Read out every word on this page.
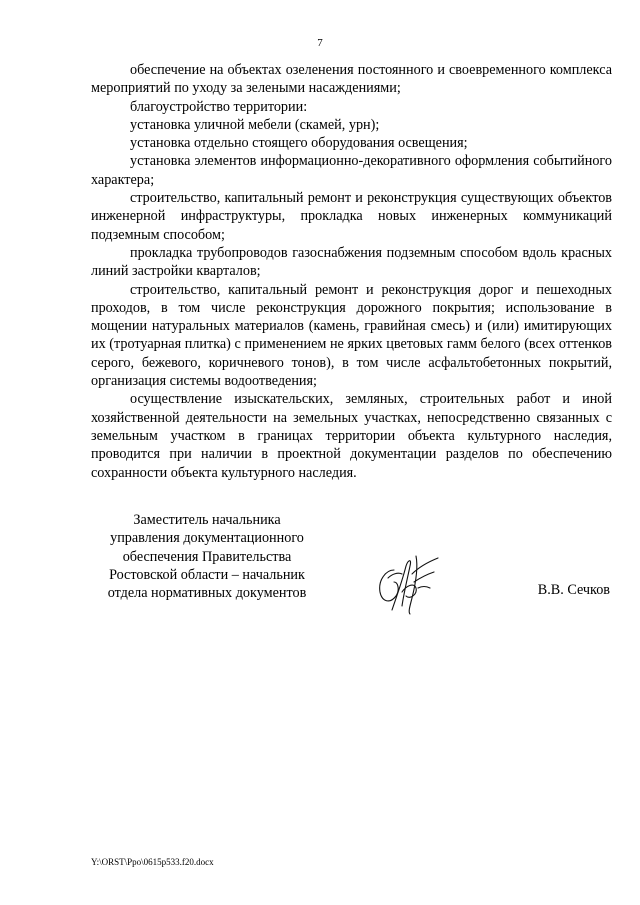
7

обеспечение на объектах озеленения постоянного и своевременного комплекса мероприятий по уходу за зелеными насаждениями;

благоустройство территории:

установка уличной мебели (скамей, урн);

установка отдельно стоящего оборудования освещения;

установка элементов информационно-декоративного оформления событийного характера;

строительство, капитальный ремонт и реконструкция существующих объектов инженерной инфраструктуры, прокладка новых инженерных коммуникаций подземным способом;

прокладка трубопроводов газоснабжения подземным способом вдоль красных линий застройки кварталов;

строительство, капитальный ремонт и реконструкция дорог и пешеходных проходов, в том числе реконструкция дорожного покрытия; использование в мощении натуральных материалов (камень, гравийная смесь) и (или) имитирующих их (тротуарная плитка) с применением не ярких цветовых гамм белого (всех оттенков серого, бежевого, коричневого тонов), в том числе асфальтобетонных покрытий, организация системы водоотведения;

осуществление изыскательских, земляных, строительных работ и иной хозяйственной деятельности на земельных участках, непосредственно связанных с земельным участком в границах территории объекта культурного наследия, проводится при наличии в проектной документации разделов по обеспечению сохранности объекта культурного наследия.

Заместитель начальника
управления документационного
обеспечения Правительства
Ростовской области – начальник
отдела нормативных документов	В.В. Сечков
Y:\ORST\Ppo\0615p533.f20.docx
